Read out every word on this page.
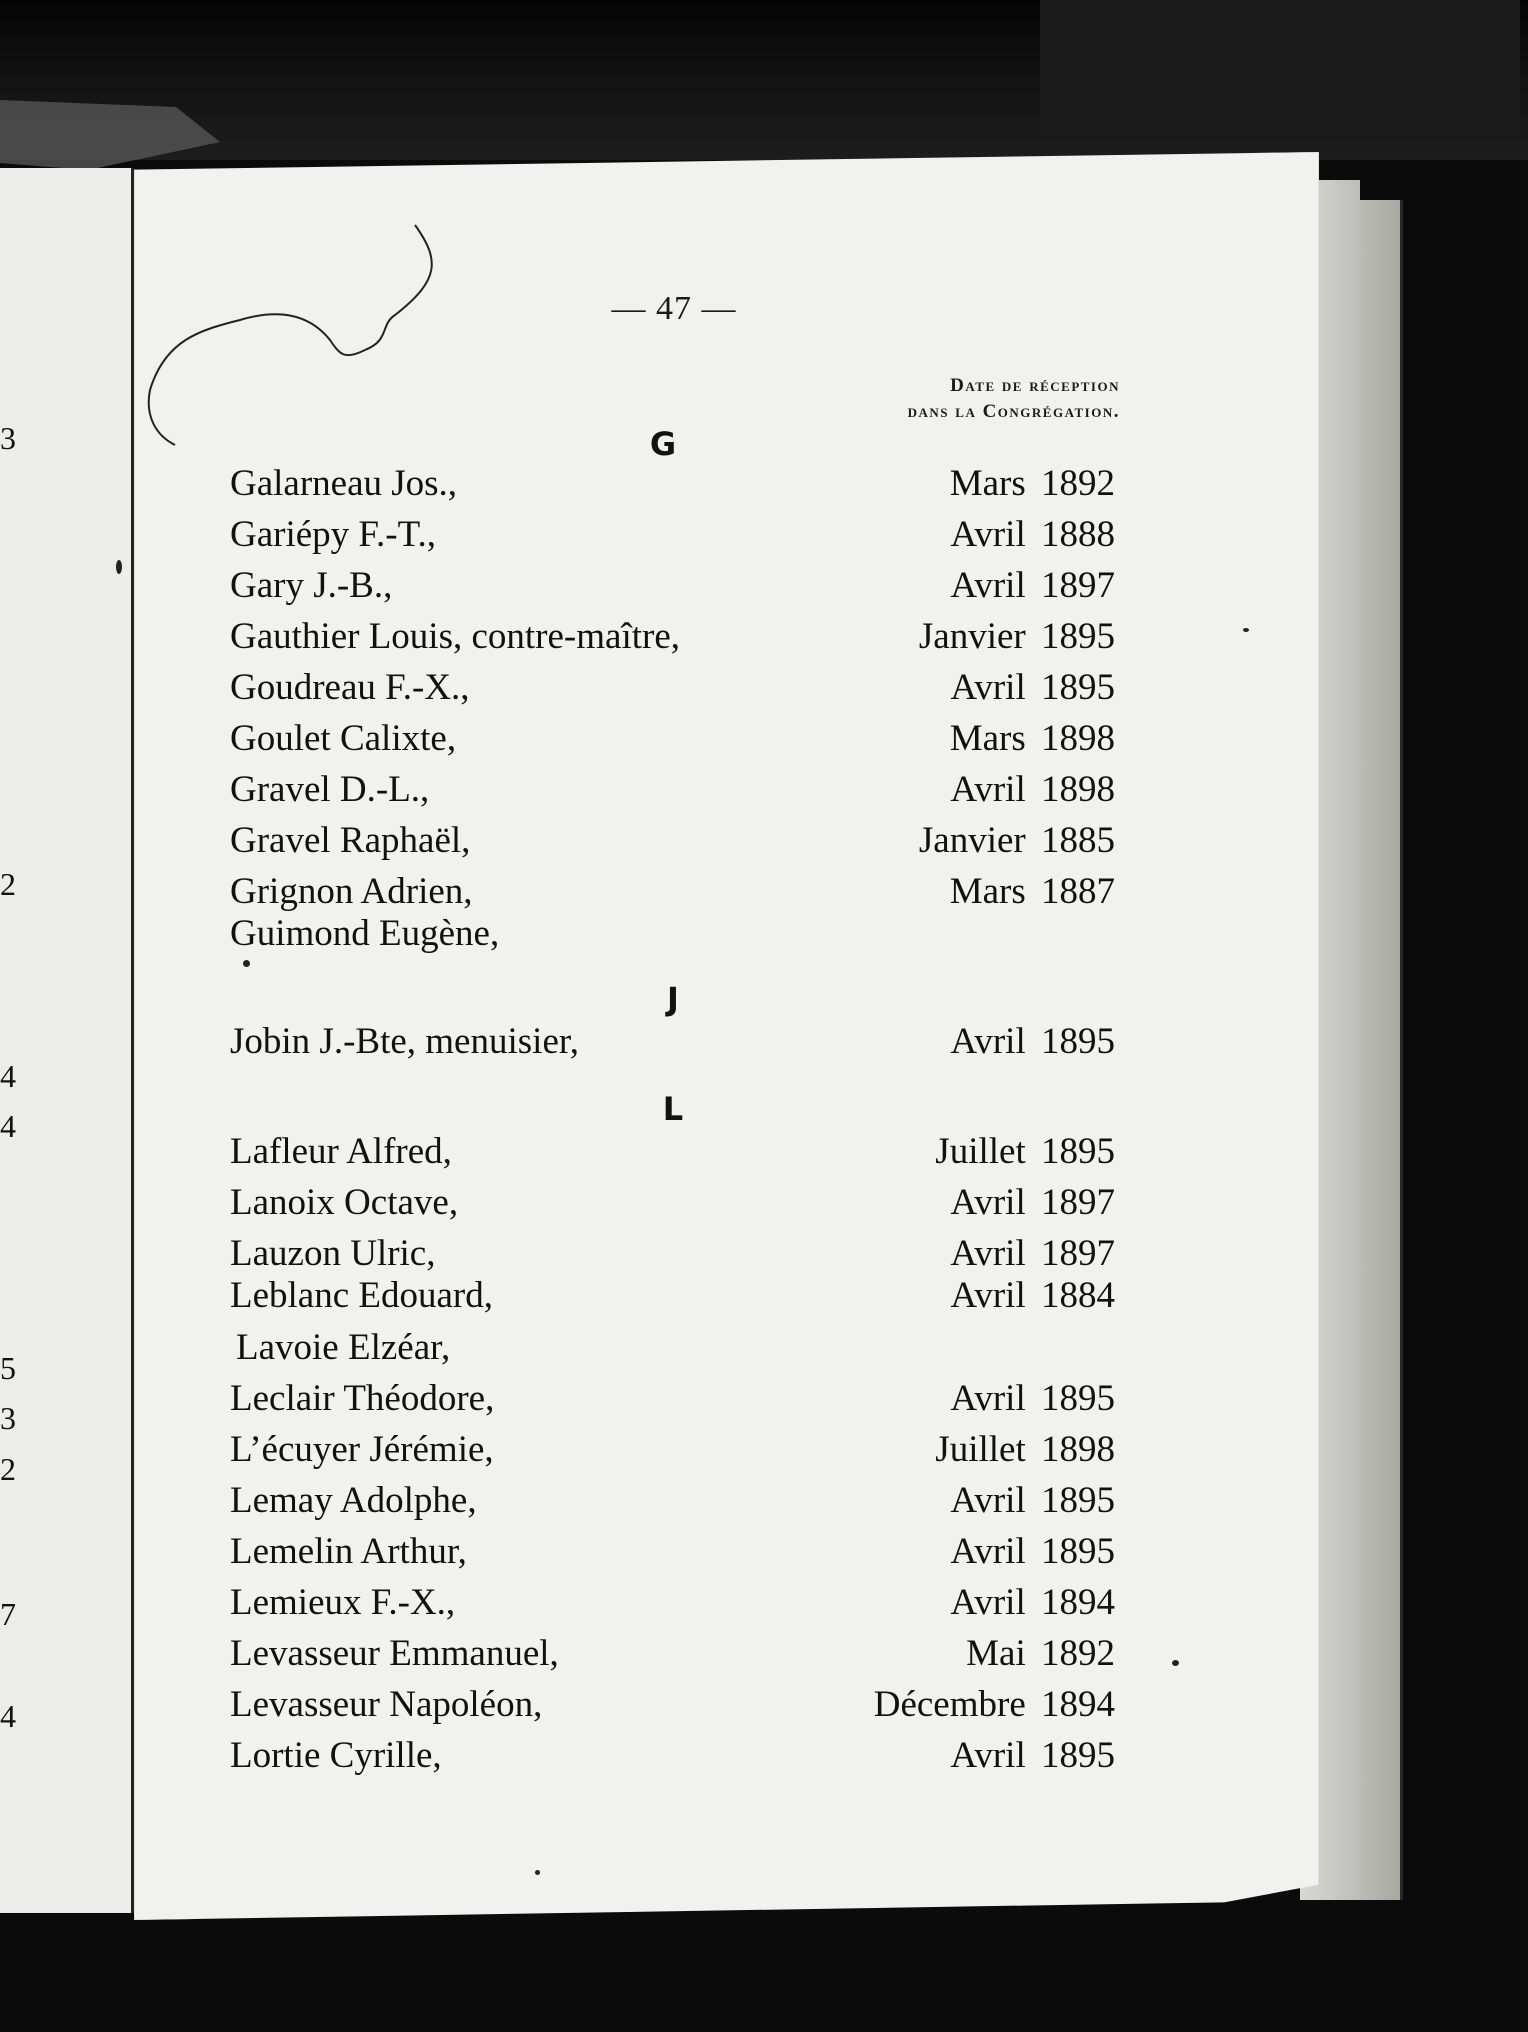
3
2
4
4
5
3
2
7
4
— 47 —
Date de réception
dans la Congrégation.
G
Galarneau Jos.,	Mars 1892
Gariépy F.-T.,	Avril 1888
Gary J.-B.,	Avril 1897
Gauthier Louis, contre-maître,	Janvier 1895
Goudreau F.-X.,	Avril 1895
Goulet Calixte,	Mars 1898
Gravel D.-L.,	Avril 1898
Gravel Raphaël,	Janvier 1885
Grignon Adrien,	Mars 1887
Guimond Eugène,
J
Jobin J.-Bte, menuisier,	Avril 1895
L
Lafleur Alfred,	Juillet 1895
Lanoix Octave,	Avril 1897
Lauzon Ulric,	Avril 1897
Leblanc Edouard,	Avril 1884
Lavoie Elzéar,
Leclair Théodore,	Avril 1895
L’écuyer Jérémie,	Juillet 1898
Lemay Adolphe,	Avril 1895
Lemelin Arthur,	Avril 1895
Lemieux F.-X.,	Avril 1894
Levasseur Emmanuel,	Mai 1892
Levasseur Napoléon,	Décembre 1894
Lortie Cyrille,	Avril 1895
